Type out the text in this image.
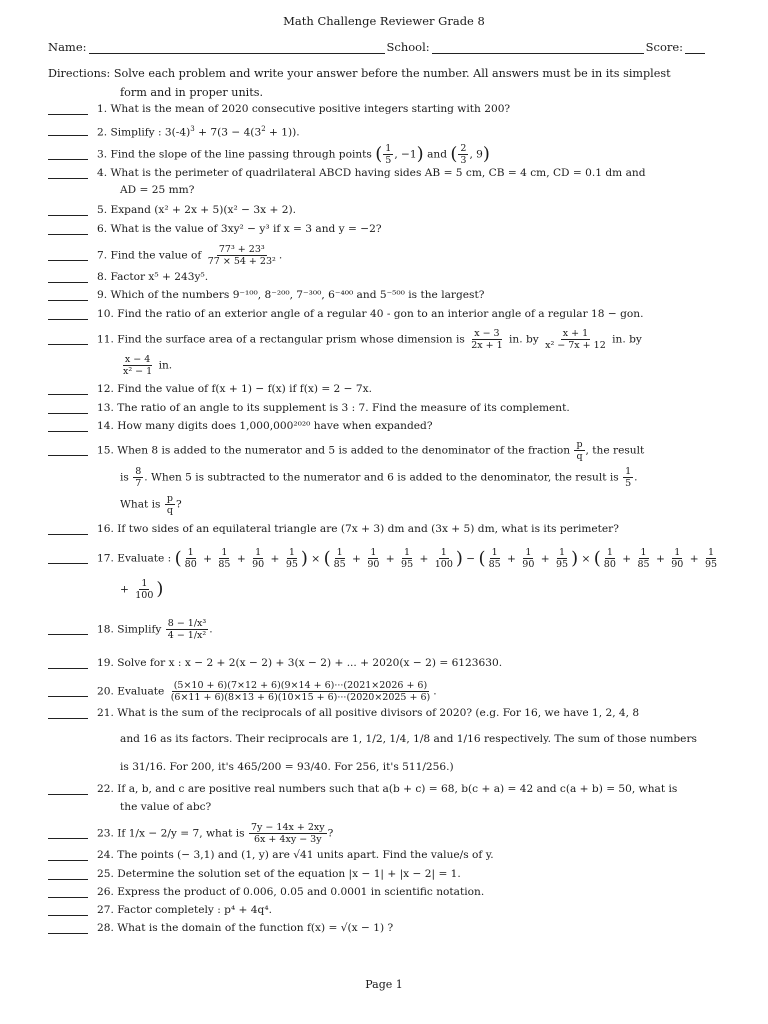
Math Challenge Reviewer Grade 8
Name:	School:	Score:
Directions: Solve each problem and write your answer before the number. All answers must be in its simplest
form and in proper units.
1. What is the mean of 2020 consecutive positive integers starting with 200?
2. Simplify : $3(-4)^3 + 7(3 - 4(3^2 + 1))$.
3. Find the slope of the line passing through points ( $\frac{1}{5}$ , −1) and ( $\frac{2}{3}$ , 9)
4. What is the perimeter of quadrilateral ABCD having sides AB = 5 cm, CB = 4 cm, CD = 0.1 dm and
AD = 25 mm?
5. Expand (x² + 2x + 5)(x² − 3x + 2).
6. What is the value of 3xy² − y³ if x = 3 and y = −2?
7. Find the value of $\frac{\text{77³ + 23³}}{\text{77 × 54 + 23²}}$ .
8. Factor x⁵ + 243y⁵.
9. Which of the numbers 9⁻¹⁰⁰, 8⁻²⁰⁰, 7⁻³⁰⁰, 6⁻⁴⁰⁰ and 5⁻⁵⁰⁰ is the largest?
10. Find the ratio of an exterior angle of a regular 40 - gon to an interior angle of a regular 18 − gon.
11. Find the surface area of a rectangular prism whose dimension is $\frac{x - 3}{2x + 1}$ in. by $\frac{x + 1}{\text{x² − 7x + 12}}$ in. by
$\frac{x - 4}{\text{x² − 1}}$ in.
12. Find the value of f(x + 1) − f(x) if f(x) = 2 − 7x.
13. The ratio of an angle to its supplement is 3 : 7. Find the measure of its complement.
14. How many digits does 1,000,000²⁰²⁰ have when expanded?
15. When 8 is added to the numerator and 5 is added to the denominator of the fraction $\frac{p}{q}$ , the result
is $\frac{8}{7}$ . When 5 is subtracted to the numerator and 6 is added to the denominator, the result is $\frac{1}{5}$ .
What is $\frac{p}{q}$ ?
16. If two sides of an equilateral triangle are (7x + 3) dm and (3x + 5) dm, what is its perimeter?
17. Evaluate : ( $\frac{1}{80} + \frac{1}{85} + \frac{1}{90} + \frac{1}{95}$ ) × ( $\frac{1}{85} + \frac{1}{90} + \frac{1}{95} + \frac{1}{100}$ ) − ( $\frac{1}{85} + \frac{1}{90} + \frac{1}{95}$ ) × ( $\frac{1}{80} + \frac{1}{85} + \frac{1}{90} + \frac{1}{95}$
+ $\frac{1}{100}$ )
18. Simplify $\frac{\text{8 − 1/x³}}{\text{4 − 1/x²}}$ .
19. Solve for x : x − 2 + 2(x − 2) + 3(x − 2) + ... + 2020(x − 2) = 6123630.
20. Evaluate $\frac{(5\times 10 + 6)(7\times 12 + 6)(9\times 14 + 6)\cdot\cdot\cdot(2021\times 2026 + 6)}{(6\times 11 + 6)(8\times 13 + 6)(10\times 15 + 6)\cdot\cdot\cdot(2020\times 2025 + 6)}$ .
21. What is the sum of the reciprocals of all positive divisors of 2020? (e.g. For 16, we have 1, 2, 4, 8
and 16 as its factors. Their reciprocals are 1, 1/2, 1/4, 1/8 and 1/16 respectively. The sum of those numbers
is 31/16. For 200, it's 465/200 = 93/40. For 256, it's 511/256.)
22. If a, b, and c are positive real numbers such that a(b + c) = 68, b(c + a) = 42 and c(a + b) = 50, what is
the value of abc?
23. If 1/x − 2/y = 7, what is $\frac{7y - 14x + 2xy}{6x + 4xy - 3y}$ ?
24. The points (− 3,1) and (1, y) are √41 units apart. Find the value/s of y.
25. Determine the solution set of the equation |x − 1| + |x − 2| = 1.
26. Express the product of 0.006, 0.05 and 0.0001 in scientific notation.
27. Factor completely : p⁴ + 4q⁴.
28. What is the domain of the function f(x) = √(x − 1) ?
Page 1
